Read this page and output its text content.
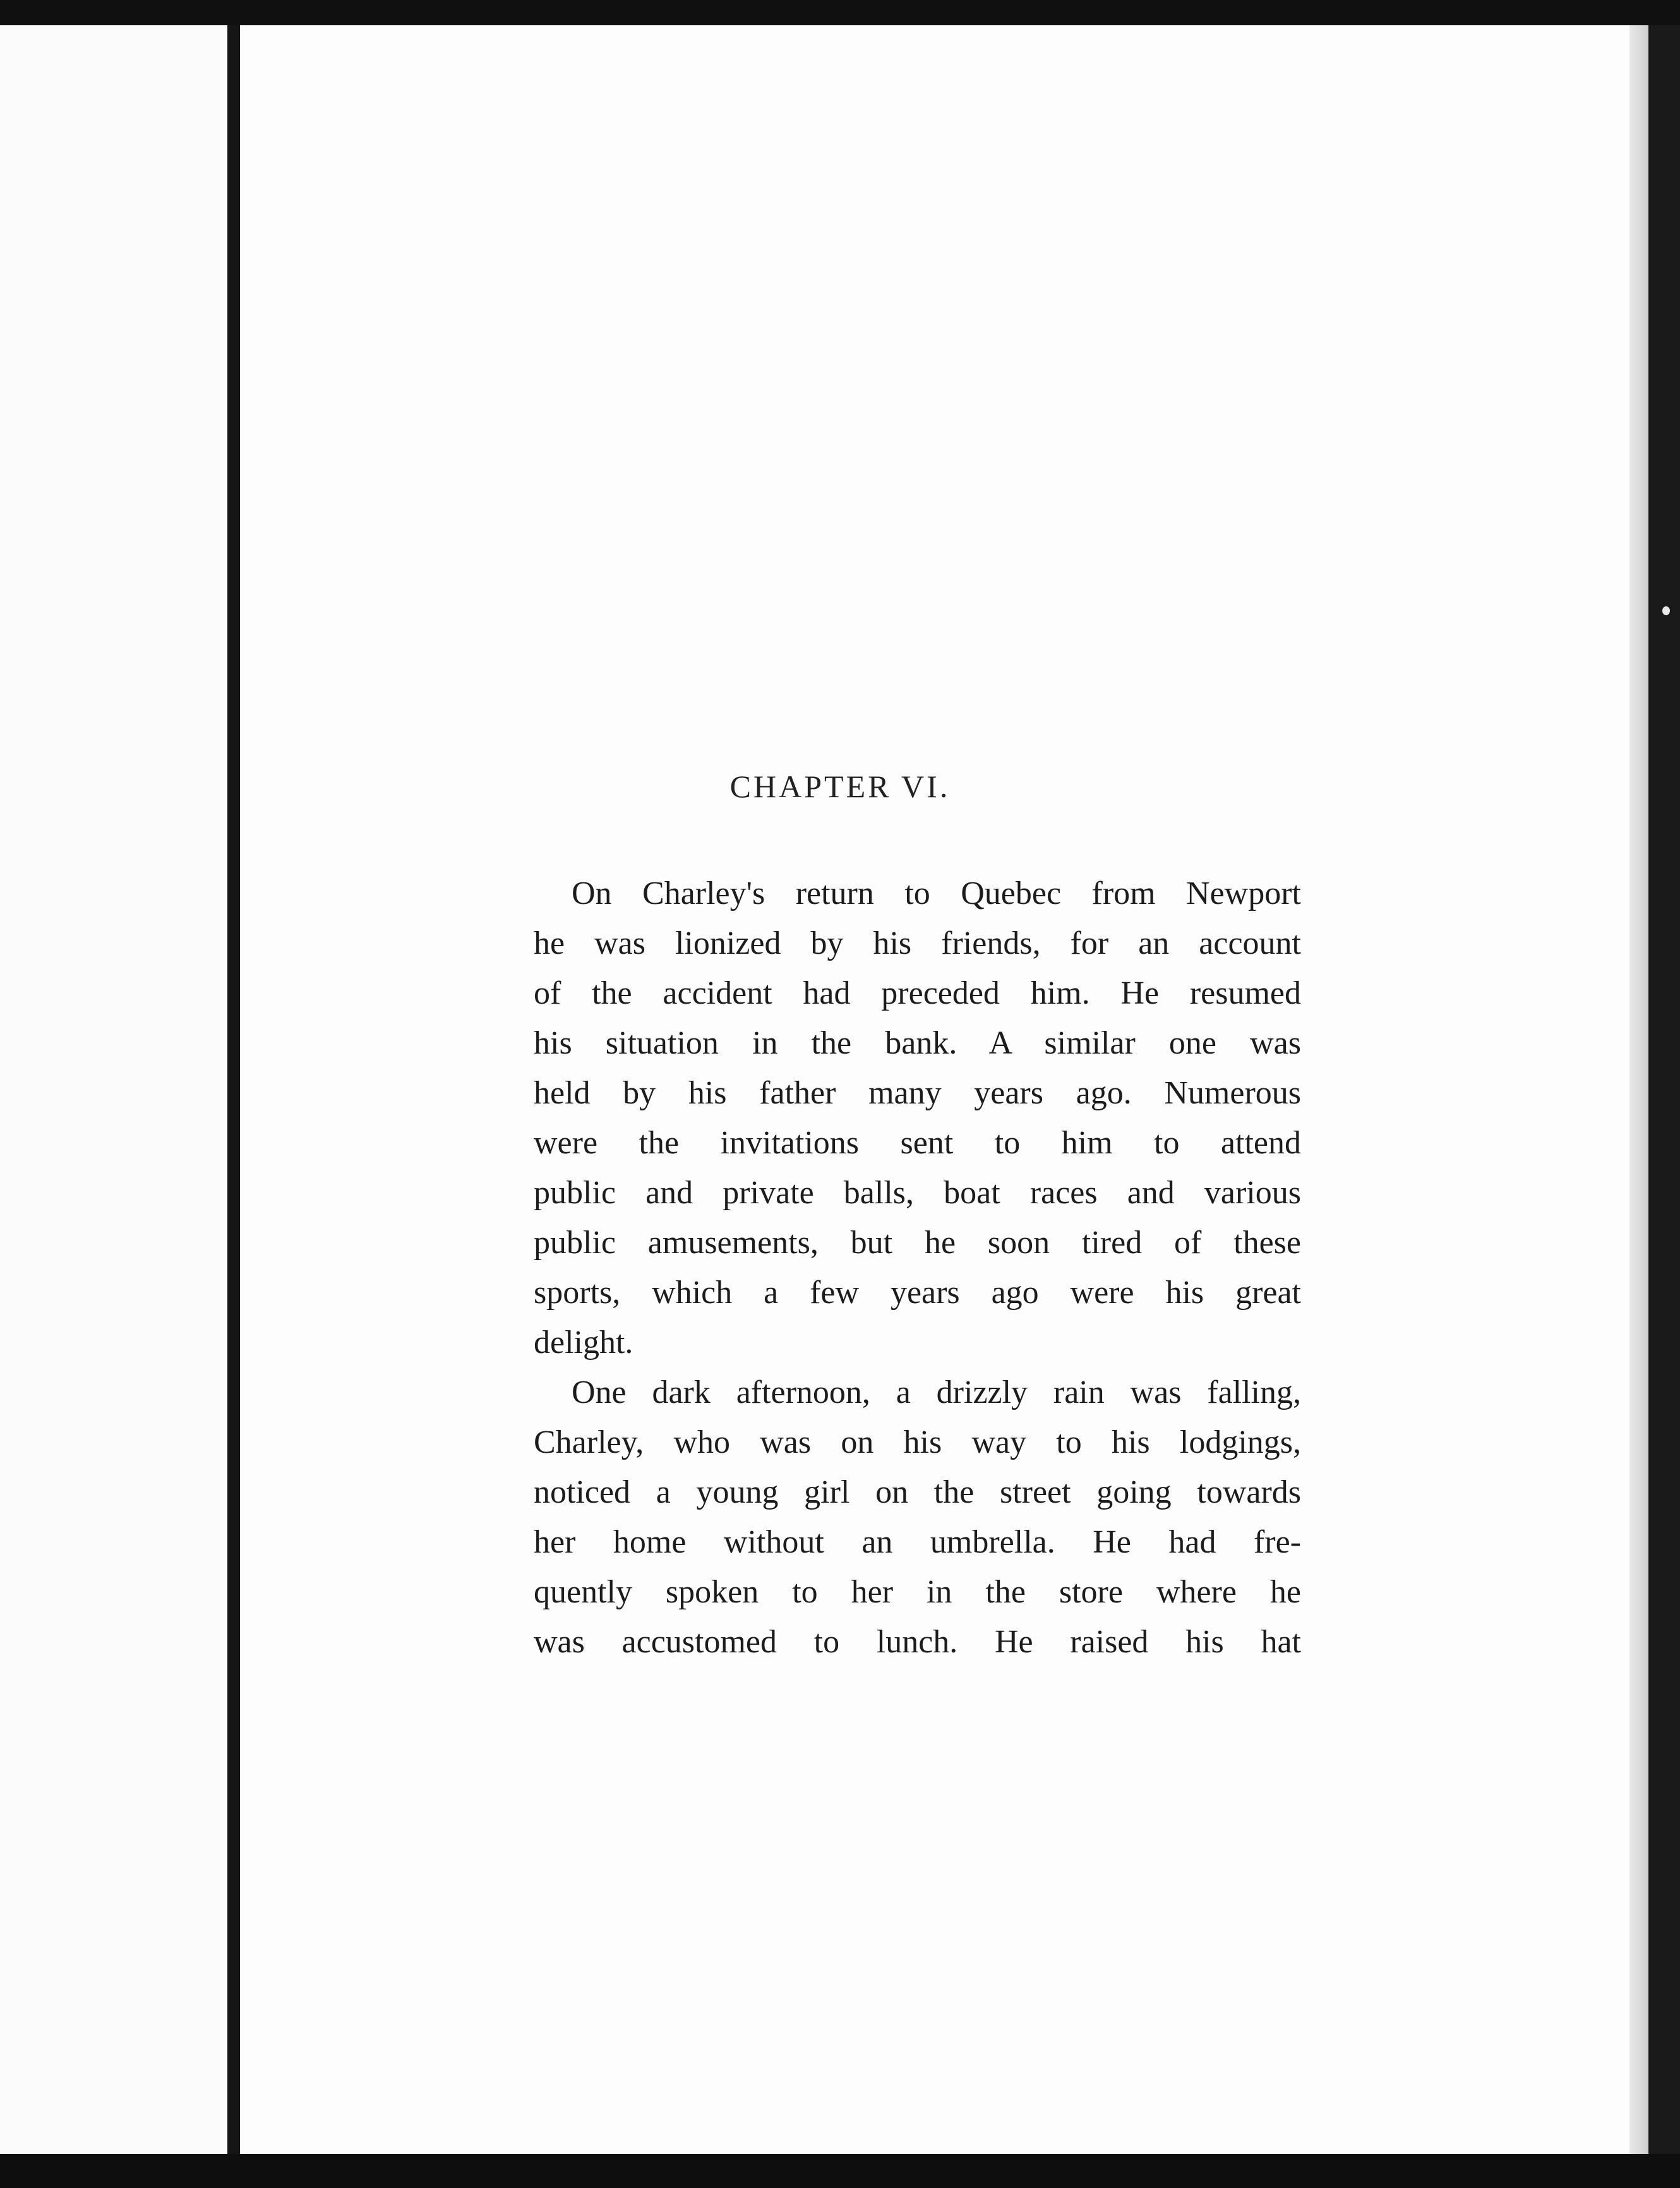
CHAPTER VI.
On Charley's return to Quebec from Newport
he was lionized by his friends, for an account
of the accident had preceded him. He resumed
his situation in the bank. A similar one was
held by his father many years ago. Numerous
were the invitations sent to him to attend
public and private balls, boat races and various
public amusements, but he soon tired of these
sports, which a few years ago were his great
delight.
One dark afternoon, a drizzly rain was falling,
Charley, who was on his way to his lodgings,
noticed a young girl on the street going towards
her home without an umbrella. He had fre-
quently spoken to her in the store where he
was accustomed to lunch. He raised his hat
